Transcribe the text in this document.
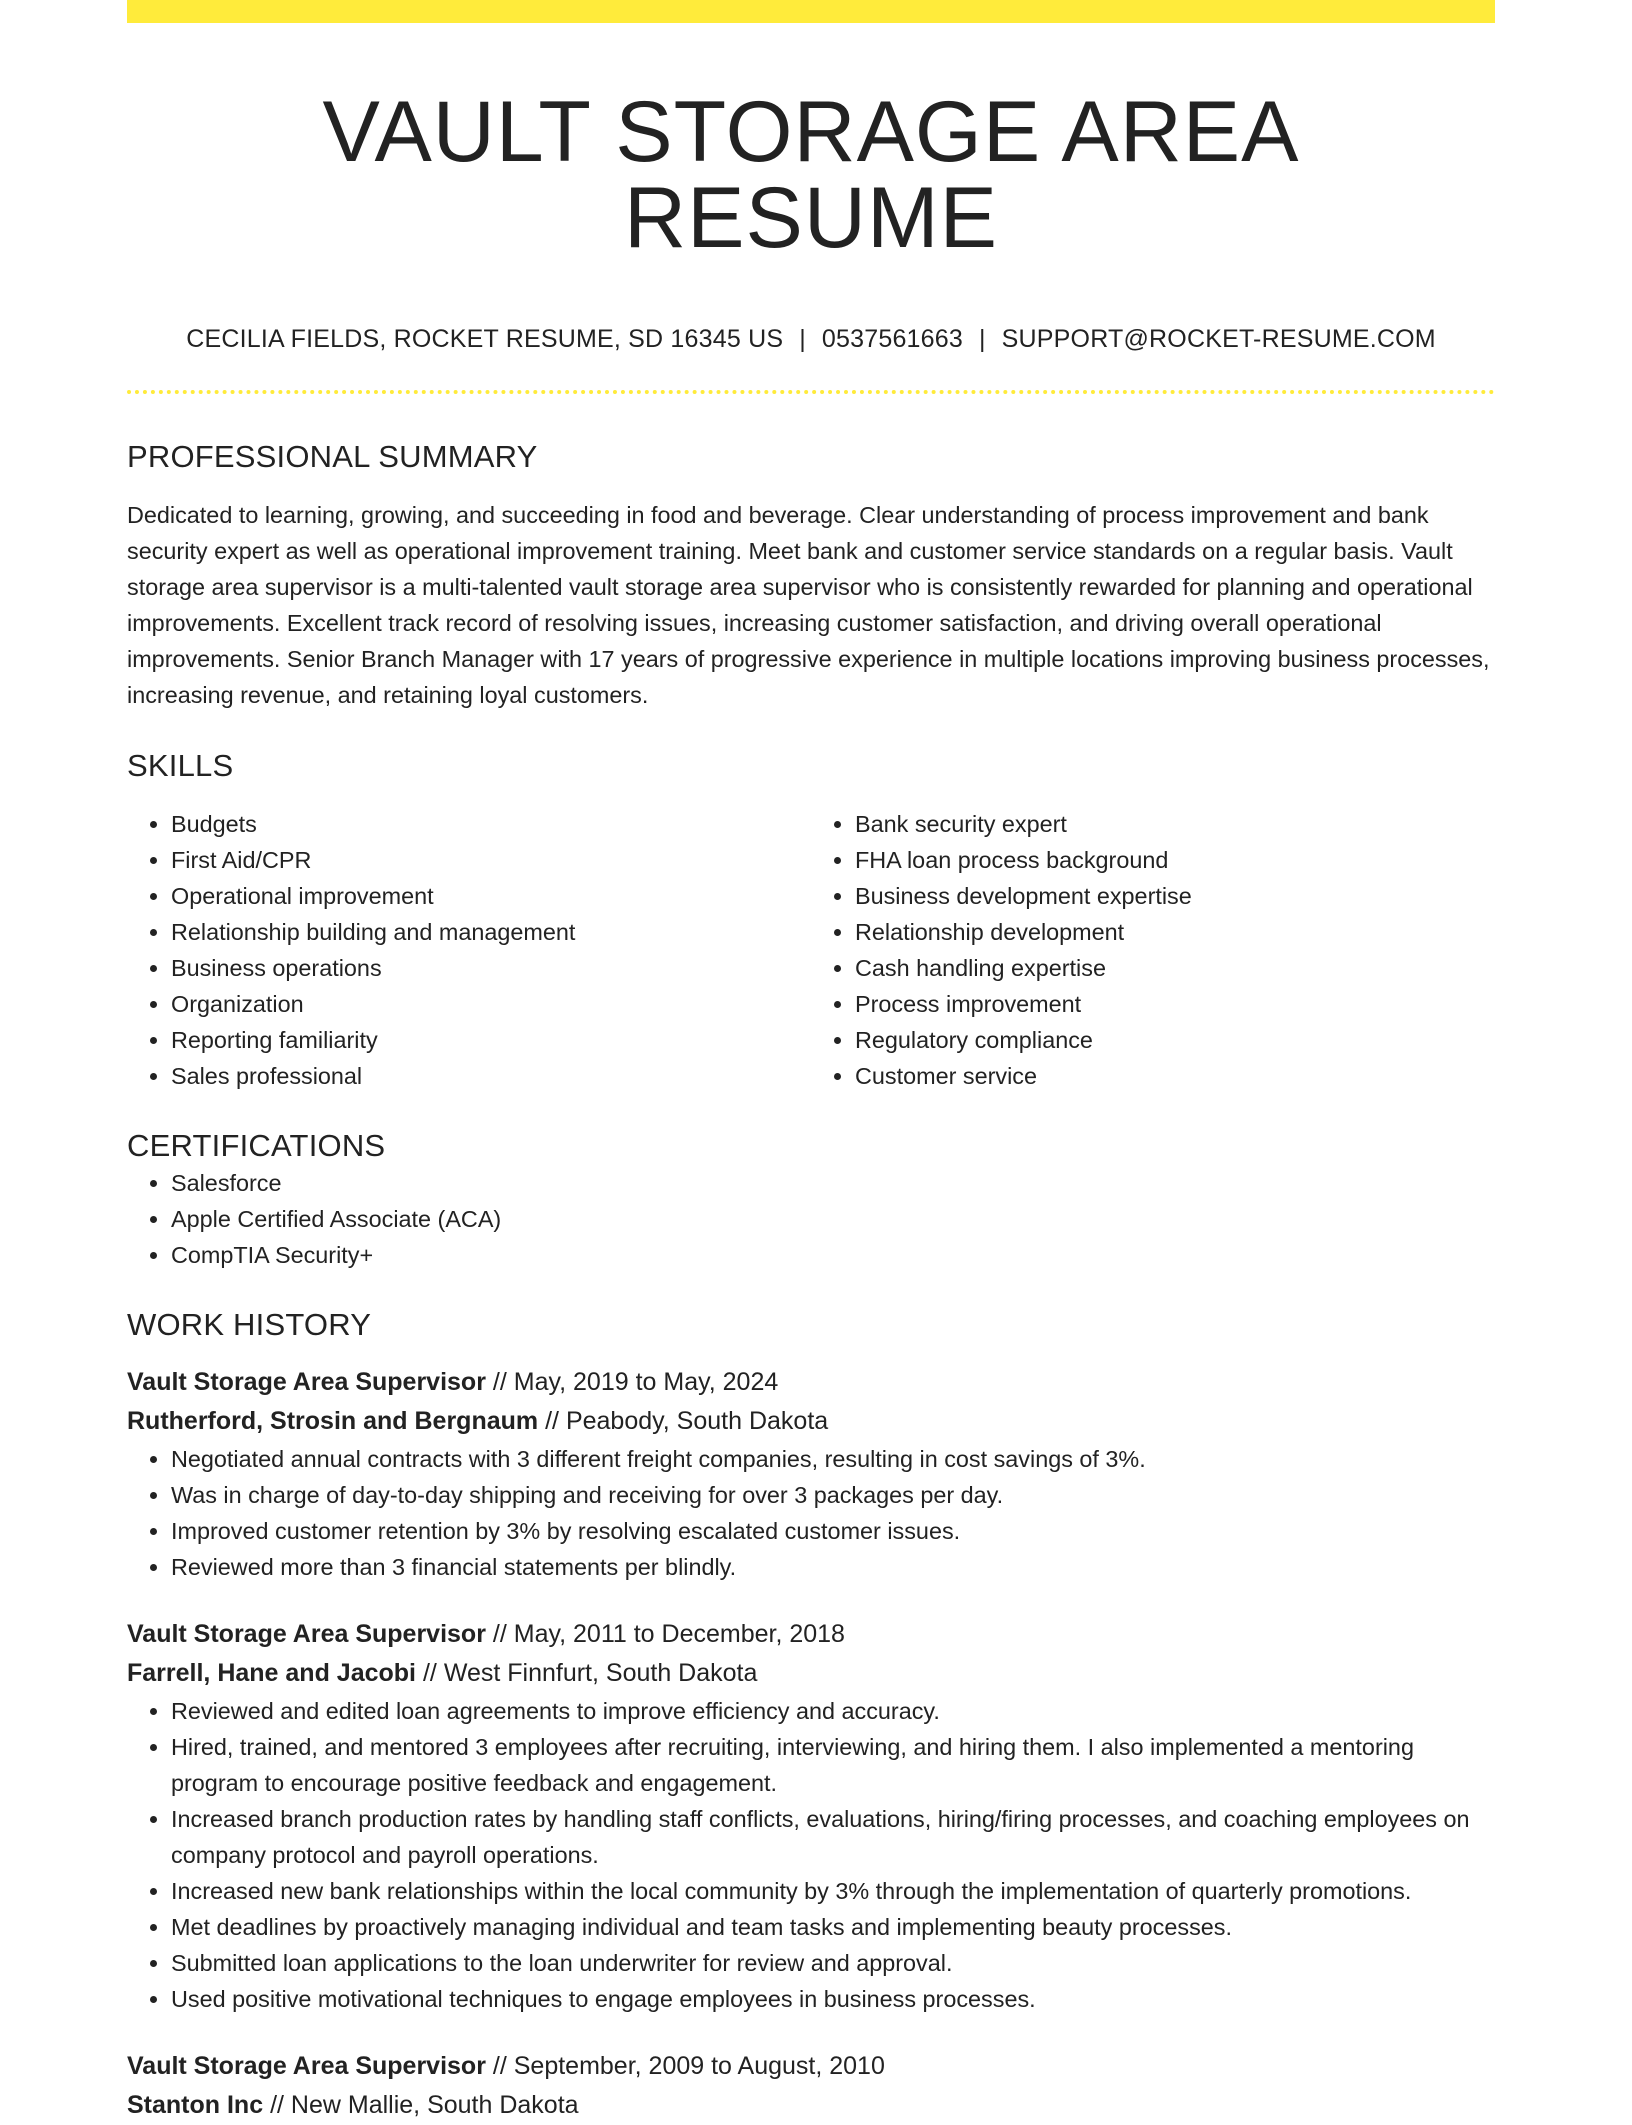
VAULT STORAGE AREA RESUME
CECILIA FIELDS, ROCKET RESUME, SD 16345 US | 0537561663 | SUPPORT@ROCKET-RESUME.COM
PROFESSIONAL SUMMARY
Dedicated to learning, growing, and succeeding in food and beverage. Clear understanding of process improvement and bank security expert as well as operational improvement training. Meet bank and customer service standards on a regular basis. Vault storage area supervisor is a multi-talented vault storage area supervisor who is consistently rewarded for planning and operational improvements. Excellent track record of resolving issues, increasing customer satisfaction, and driving overall operational improvements. Senior Branch Manager with 17 years of progressive experience in multiple locations improving business processes, increasing revenue, and retaining loyal customers.
SKILLS
• Budgets
• First Aid/CPR
• Operational improvement
• Relationship building and management
• Business operations
• Organization
• Reporting familiarity
• Sales professional
• Bank security expert
• FHA loan process background
• Business development expertise
• Relationship development
• Cash handling expertise
• Process improvement
• Regulatory compliance
• Customer service
CERTIFICATIONS
• Salesforce
• Apple Certified Associate (ACA)
• CompTIA Security+
WORK HISTORY
Vault Storage Area Supervisor // May, 2019 to May, 2024
Rutherford, Strosin and Bergnaum // Peabody, South Dakota
• Negotiated annual contracts with 3 different freight companies, resulting in cost savings of 3%.
• Was in charge of day-to-day shipping and receiving for over 3 packages per day.
• Improved customer retention by 3% by resolving escalated customer issues.
• Reviewed more than 3 financial statements per blindly.
Vault Storage Area Supervisor // May, 2011 to December, 2018
Farrell, Hane and Jacobi // West Finnfurt, South Dakota
• Reviewed and edited loan agreements to improve efficiency and accuracy.
• Hired, trained, and mentored 3 employees after recruiting, interviewing, and hiring them. I also implemented a mentoring program to encourage positive feedback and engagement.
• Increased branch production rates by handling staff conflicts, evaluations, hiring/firing processes, and coaching employees on company protocol and payroll operations.
• Increased new bank relationships within the local community by 3% through the implementation of quarterly promotions.
• Met deadlines by proactively managing individual and team tasks and implementing beauty processes.
• Submitted loan applications to the loan underwriter for review and approval.
• Used positive motivational techniques to engage employees in business processes.
Vault Storage Area Supervisor // September, 2009 to August, 2010
Stanton Inc // New Mallie, South Dakota
